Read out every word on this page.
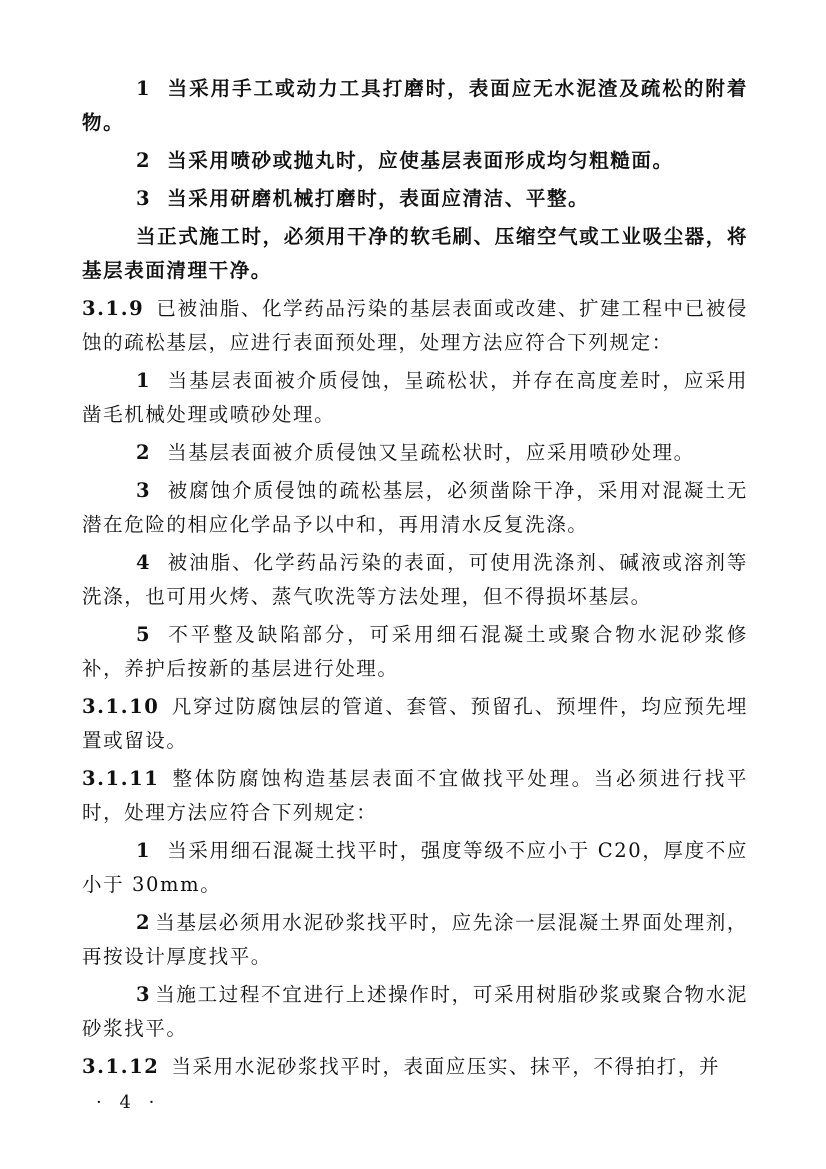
1 当采用手工或动力工具打磨时，表面应无水泥渣及疏松的附着物。

2 当采用喷砂或抛丸时，应使基层表面形成均匀粗糙面。

3 当采用研磨机械打磨时，表面应清洁、平整。

当正式施工时，必须用干净的软毛刷、压缩空气或工业吸尘器，将基层表面清理干净。

3.1.9 已被油脂、化学药品污染的基层表面或改建、扩建工程中已被侵蚀的疏松基层，应进行表面预处理，处理方法应符合下列规定：

1 当基层表面被介质侵蚀，呈疏松状，并存在高度差时，应采用凿毛机械处理或喷砂处理。

2 当基层表面被介质侵蚀又呈疏松状时，应采用喷砂处理。

3 被腐蚀介质侵蚀的疏松基层，必须凿除干净，采用对混凝土无潜在危险的相应化学品予以中和，再用清水反复洗涤。

4 被油脂、化学药品污染的表面，可使用洗涤剂、碱液或溶剂等洗涤，也可用火烤、蒸气吹洗等方法处理，但不得损坏基层。

5 不平整及缺陷部分，可采用细石混凝土或聚合物水泥砂浆修补，养护后按新的基层进行处理。

3.1.10 凡穿过防腐蚀层的管道、套管、预留孔、预埋件，均应预先埋置或留设。

3.1.11 整体防腐蚀构造基层表面不宜做找平处理。当必须进行找平时，处理方法应符合下列规定：

1 当采用细石混凝土找平时，强度等级不应小于 C20，厚度不应小于 30mm。

2 当基层必须用水泥砂浆找平时，应先涂一层混凝土界面处理剂，再按设计厚度找平。

3 当施工过程不宜进行上述操作时，可采用树脂砂浆或聚合物水泥砂浆找平。

3.1.12 当采用水泥砂浆找平时，表面应压实、抹平，不得拍打，并

· 4 ·
